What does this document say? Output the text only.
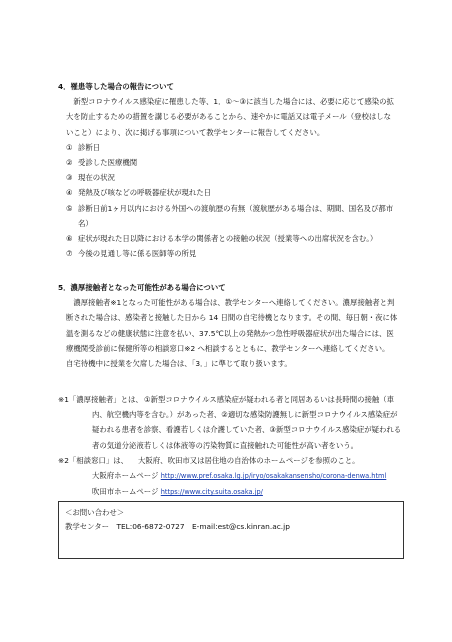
4．罹患等した場合の報告について

新型コロナウイルス感染症に罹患した等、1．①～③に該当した場合には、必要に応じて感染の拡大を防止するための措置を講じる必要があることから、速やかに電話又は電子メール（登校はしないこと）により、次に掲げる事項について教学センターに報告してください。

① 診断日
② 受診した医療機関
③ 現在の状況
④ 発熱及び咳などの呼吸器症状が現れた日
⑤ 診断日前1ヶ月以内における外国への渡航歴の有無（渡航歴がある場合は、期間、国名及び都市名）
⑥ 症状が現れた日以降における本学の関係者との接触の状況（授業等への出席状況を含む。）
⑦ 今後の見通し等に係る医師等の所見

5．濃厚接触者となった可能性がある場合について

濃厚接触者※1となった可能性がある場合は、教学センターへ連絡してください。濃厚接触者と判断された場合は、感染者と接触した日から 14 日間の自宅待機となります。その間、毎日朝・夜に体温を測るなどの健康状態に注意を払い、37.5℃以上の発熱かつ急性呼吸器症状が出た場合には、医療機関受診前に保健所等の相談窓口※2 へ相談するとともに、教学センターへ連絡してください。

自宅待機中に授業を欠席した場合は、「3．」に準じて取り扱います。

※1「濃厚接触者」とは、 ①新型コロナウイルス感染症が疑われる者と同居あるいは長時間の接触（車内、航空機内等を含む。）があった者、②適切な感染防護無しに新型コロナウイルス感染症が疑われる患者を診察、看護若しくは介護していた者、③新型コロナウイルス感染症が疑われる者の気道分泌液若しくは体液等の汚染物質に直接触れた可能性が高い者をいう。

※2「相談窓口」は、	大阪府、吹田市又は居住地の自治体のホームページを参照のこと。

大阪府ホームページ http://www.pref.osaka.lg.jp/iryo/osakakansensho/corona-denwa.html

吹田市ホームページ https://www.city.suita.osaka.jp/

＜お問い合わせ＞
教学センター　TEL:06-6872-0727　E-mail:est@cs.kinran.ac.jp
